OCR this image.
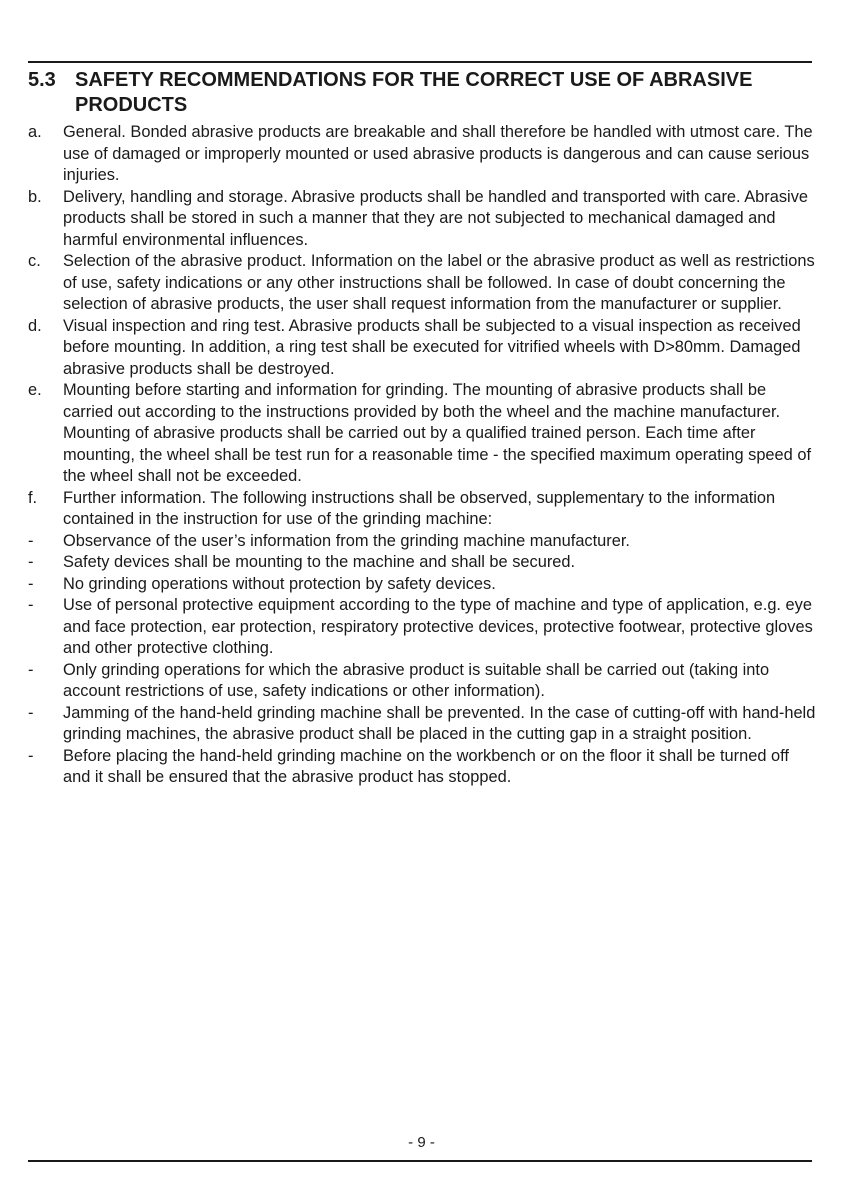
5.3 SAFETY RECOMMENDATIONS FOR THE CORRECT USE OF ABRASIVE PRODUCTS
a. General. Bonded abrasive products are breakable and shall therefore be handled with utmost care. The use of damaged or improperly mounted or used abrasive products is dangerous and can cause serious injuries.
b. Delivery, handling and storage. Abrasive products shall be handled and transported with care. Abrasive products shall be stored in such a manner that they are not subjected to mechanical damaged and harmful environmental influences.
c. Selection of the abrasive product. Information on the label or the abrasive product as well as restrictions of use, safety indications or any other instructions shall be followed. In case of doubt concerning the selection of abrasive products, the user shall request information from the manufacturer or supplier.
d. Visual inspection and ring test. Abrasive products shall be subjected to a visual inspection as received before mounting. In addition, a ring test shall be executed for vitrified wheels with D>80mm. Damaged abrasive products shall be destroyed.
e. Mounting before starting and information for grinding. The mounting of abrasive products shall be carried out according to the instructions provided by both the wheel and the machine manufacturer. Mounting of abrasive products shall be carried out by a qualified trained person. Each time after mounting, the wheel shall be test run for a reasonable time - the specified maximum operating speed of the wheel shall not be exceeded.
f. Further information. The following instructions shall be observed, supplementary to the information contained in the instruction for use of the grinding machine:
- Observance of the user’s information from the grinding machine manufacturer.
- Safety devices shall be mounting to the machine and shall be secured.
- No grinding operations without protection by safety devices.
- Use of personal protective equipment according to the type of machine and type of application, e.g. eye and face protection, ear protection, respiratory protective devices, protective footwear, protective gloves and other protective clothing.
- Only grinding operations for which the abrasive product is suitable shall be carried out (taking into account restrictions of use, safety indications or other information).
- Jamming of the hand-held grinding machine shall be prevented. In the case of cutting-off with hand-held grinding machines, the abrasive product shall be placed in the cutting gap in a straight position.
- Before placing the hand-held grinding machine on the workbench or on the floor it shall be turned off and it shall be ensured that the abrasive product has stopped.
- 9 -
